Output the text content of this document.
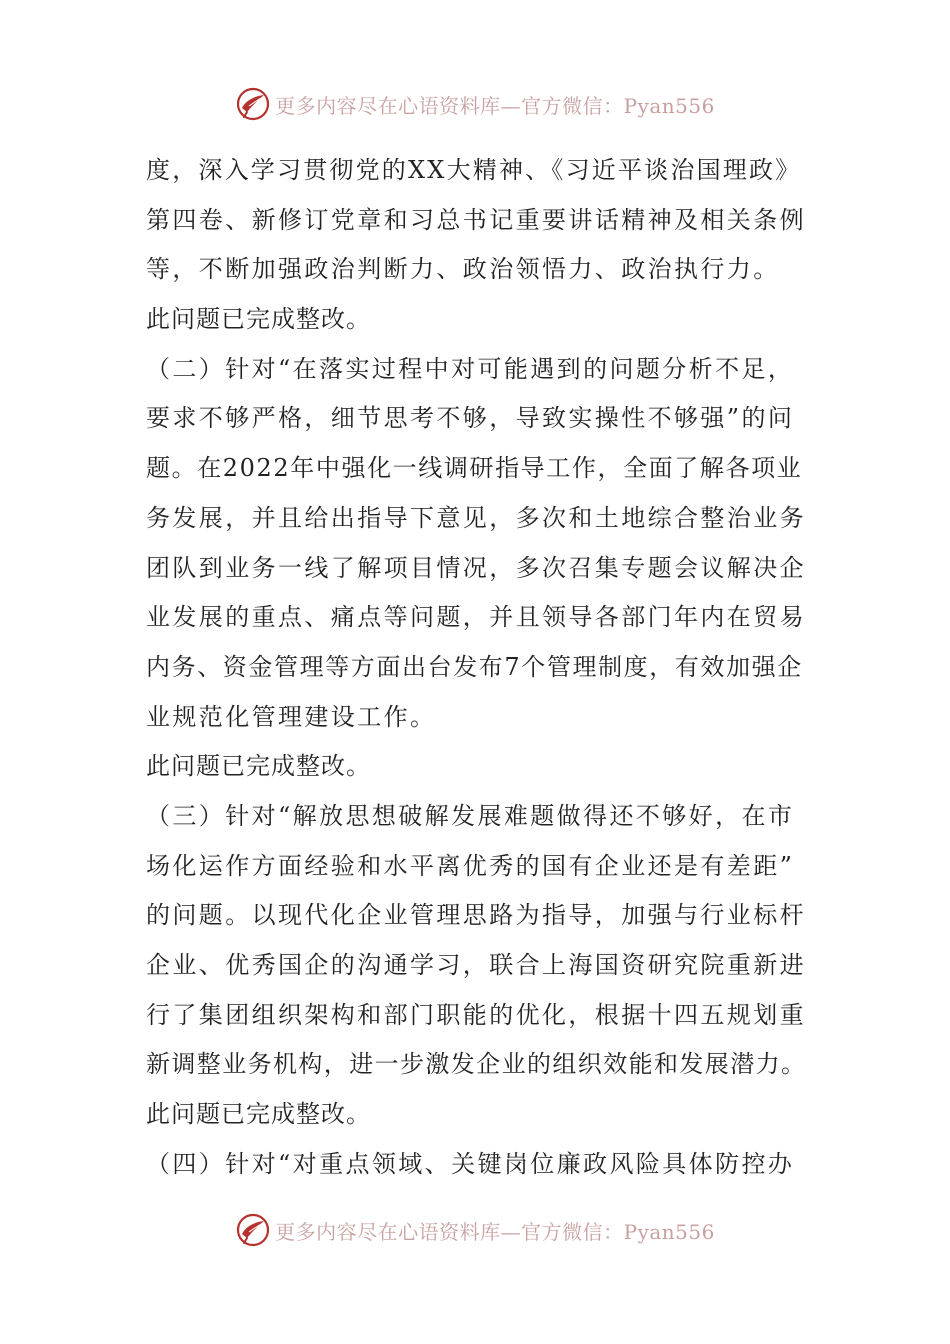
更多内容尽在心语资料库—官方微信：Pyan556
度，深入学习贯彻党的XX大精神、《习近平谈治国理政》
第四卷、新修订党章和习总书记重要讲话精神及相关条例
等，不断加强政治判断力、政治领悟力、政治执行力。
此问题已完成整改。
（二）针对“在落实过程中对可能遇到的问题分析不足，
要求不够严格，细节思考不够，导致实操性不够强”的问
题。在2022年中强化一线调研指导工作，全面了解各项业
务发展，并且给出指导下意见，多次和土地综合整治业务
团队到业务一线了解项目情况，多次召集专题会议解决企
业发展的重点、痛点等问题，并且领导各部门年内在贸易
内务、资金管理等方面出台发布7个管理制度，有效加强企
业规范化管理建设工作。
此问题已完成整改。
（三）针对“解放思想破解发展难题做得还不够好，在市
场化运作方面经验和水平离优秀的国有企业还是有差距”
的问题。以现代化企业管理思路为指导，加强与行业标杆
企业、优秀国企的沟通学习，联合上海国资研究院重新进
行了集团组织架构和部门职能的优化，根据十四五规划重
新调整业务机构，进一步激发企业的组织效能和发展潜力。
此问题已完成整改。
（四）针对“对重点领域、关键岗位廉政风险具体防控办
更多内容尽在心语资料库—官方微信：Pyan556
